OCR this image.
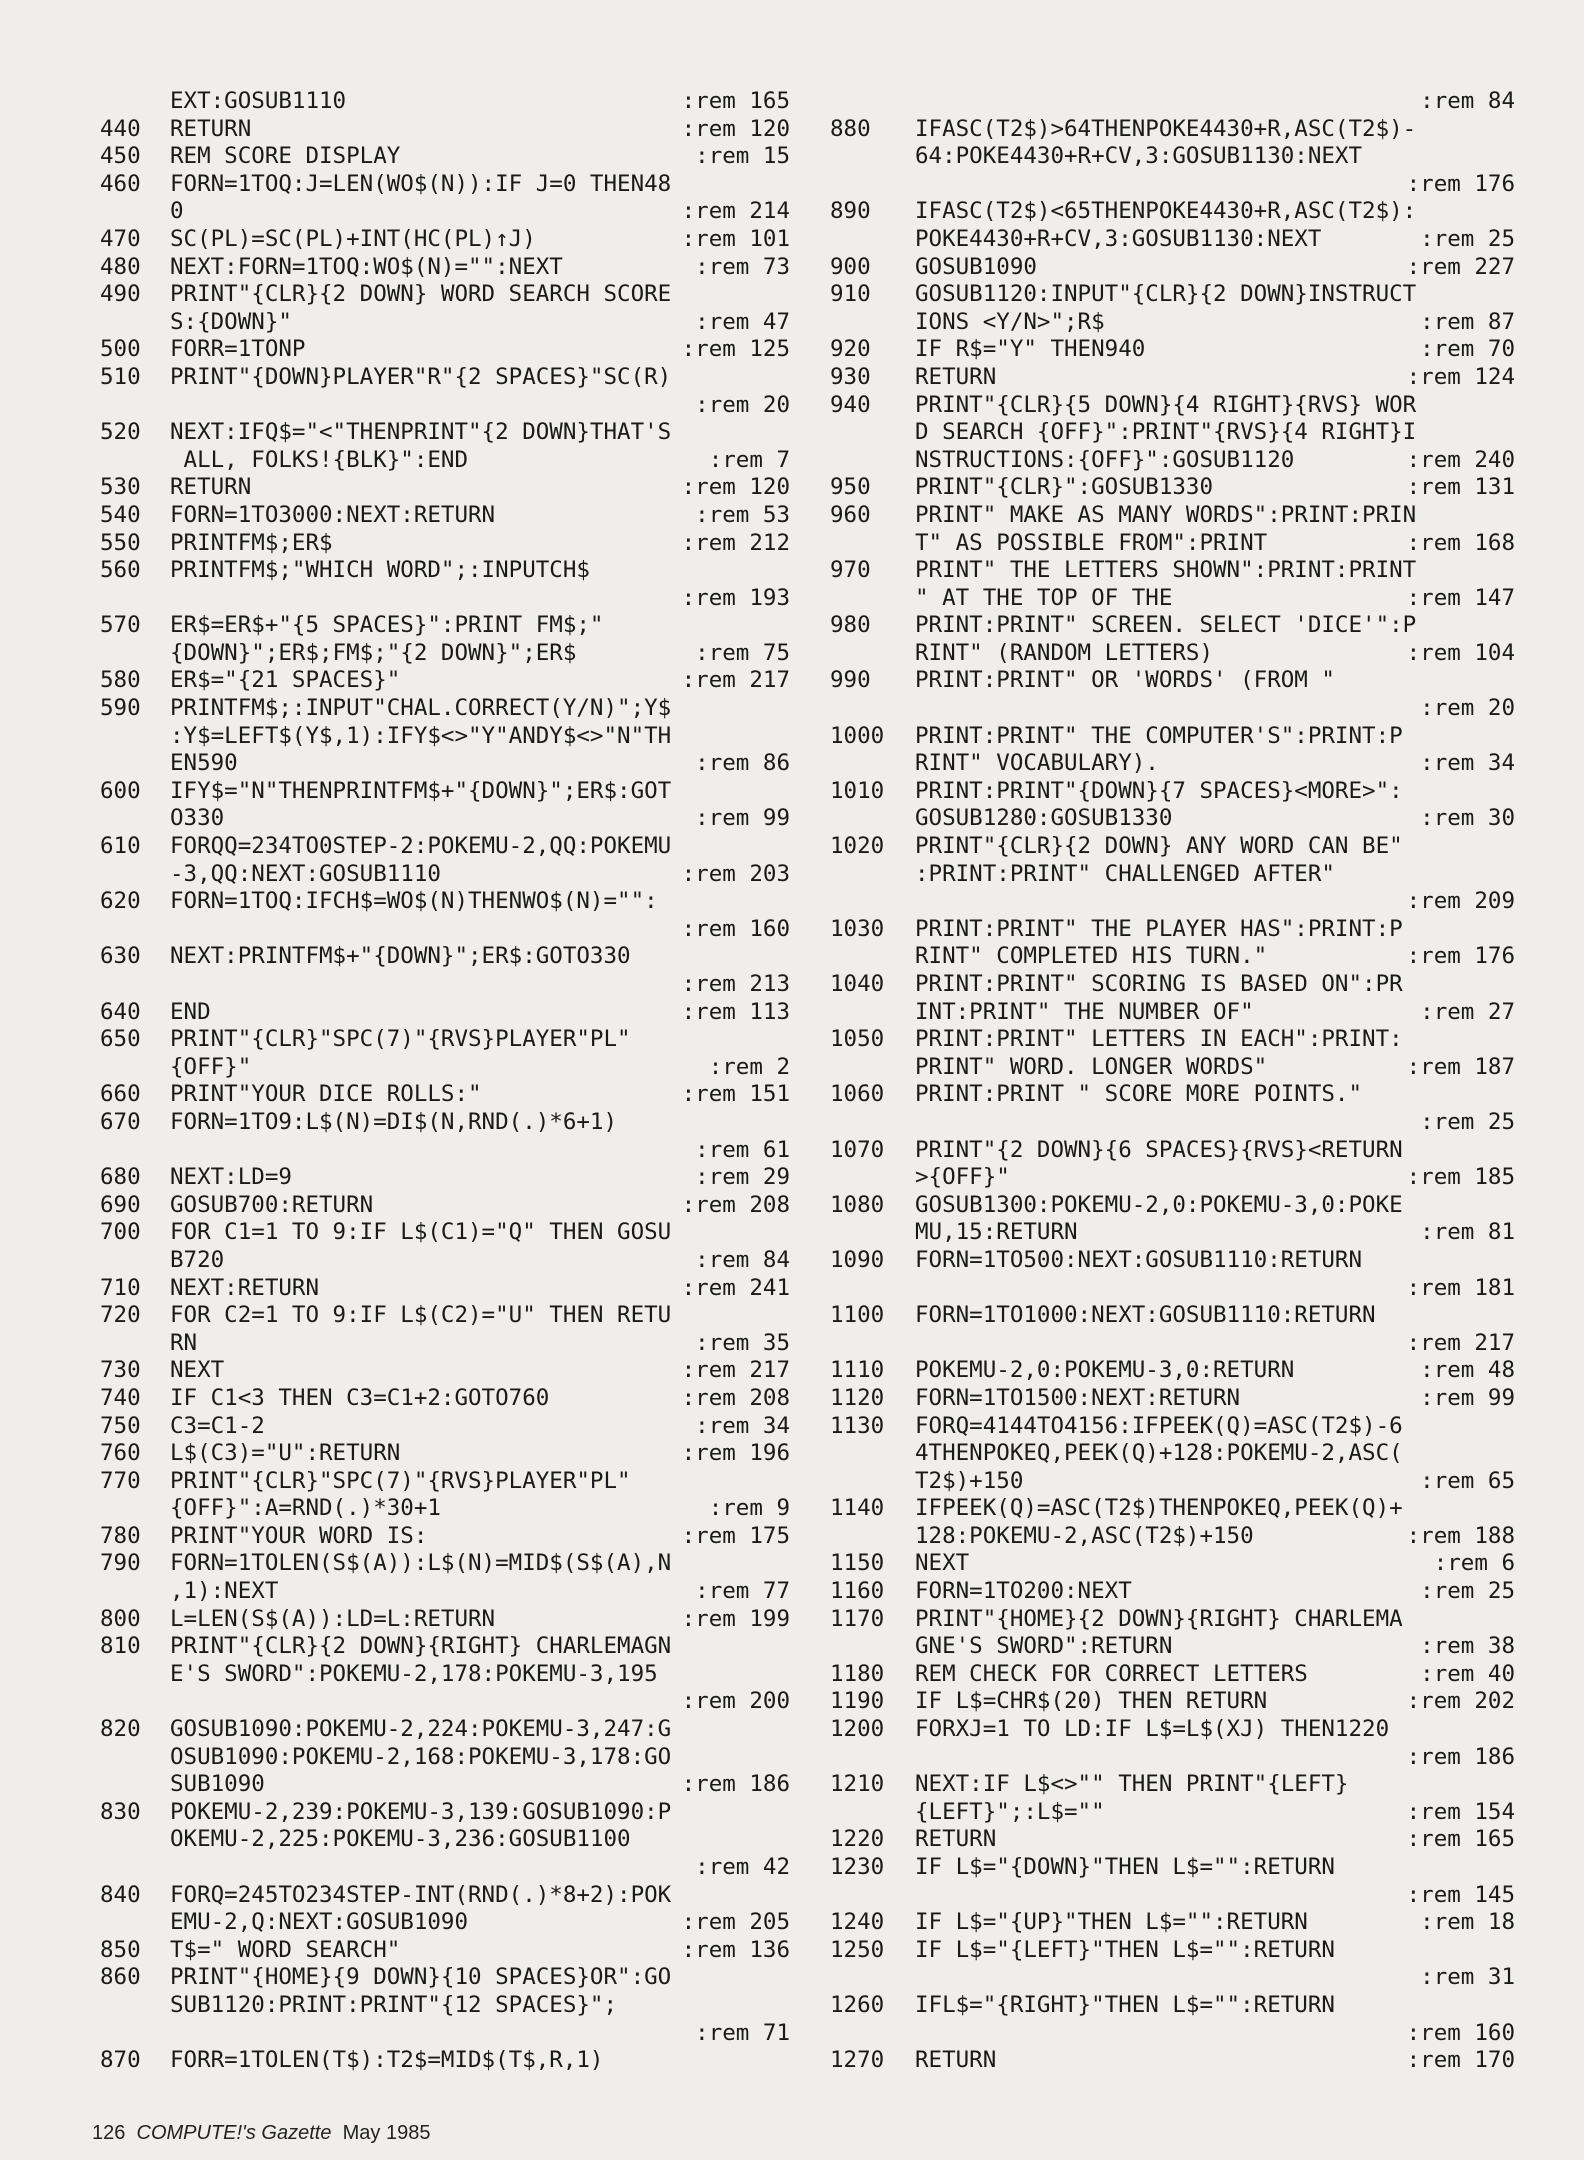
EXT:GOSUB1110	:rem 165
440 RETURN	:rem 120
450 REM SCORE DISPLAY	:rem 15
460 FORN=1TOQ:J=LEN(WO$(N)):IF J=0 THEN48
0	:rem 214
470 SC(PL)=SC(PL)+INT(HC(PL)↑J)	:rem 101
480 NEXT:FORN=1TOQ:WO$(N)="":NEXT	:rem 73
490 PRINT"{CLR}{2 DOWN} WORD SEARCH SCORE
S:{DOWN}"	:rem 47
500 FORR=1TONP	:rem 125
510 PRINT"{DOWN}PLAYER"R"{2 SPACES}"SC(R)
:rem 20
520 NEXT:IFQ$="<"THENPRINT"{2 DOWN}THAT'S
ALL, FOLKS!{BLK}":END	:rem 7
530 RETURN	:rem 120
540 FORN=1TO3000:NEXT:RETURN	:rem 53
550 PRINTFM$;ER$	:rem 212
560 PRINTFM$;"WHICH WORD";:INPUTCH$
:rem 193
570 ER$=ER$+"{5 SPACES}":PRINT FM$;"
{DOWN}";ER$;FM$;"{2 DOWN}";ER$	:rem 75
580 ER$="{21 SPACES}"	:rem 217
590 PRINTFM$;:INPUT"CHAL.CORRECT(Y/N)";Y$
:Y$=LEFT$(Y$,1):IFY$<>"Y"ANDY$<>"N"TH
EN590	:rem 86
600 IFY$="N"THENPRINTFM$+"{DOWN}";ER$:GOT
O330	:rem 99
610 FORQQ=234TO0STEP-2:POKEMU-2,QQ:POKEMU
-3,QQ:NEXT:GOSUB1110	:rem 203
620 FORN=1TOQ:IFCH$=WO$(N)THENWO$(N)="":
:rem 160
630 NEXT:PRINTFM$+"{DOWN}";ER$:GOTO330
:rem 213
640 END	:rem 113
650 PRINT"{CLR}"SPC(7)"{RVS}PLAYER"PL"
{OFF}"	:rem 2
660 PRINT"YOUR DICE ROLLS:"	:rem 151
670 FORN=1TO9:L$(N)=DI$(N,RND(.)*6+1)
:rem 61
680 NEXT:LD=9	:rem 29
690 GOSUB700:RETURN	:rem 208
700 FOR C1=1 TO 9:IF L$(C1)="Q" THEN GOSU
B720	:rem 84
710 NEXT:RETURN	:rem 241
720 FOR C2=1 TO 9:IF L$(C2)="U" THEN RETU
RN	:rem 35
730 NEXT	:rem 217
740 IF C1<3 THEN C3=C1+2:GOTO760	:rem 208
750 C3=C1-2	:rem 34
760 L$(C3)="U":RETURN	:rem 196
770 PRINT"{CLR}"SPC(7)"{RVS}PLAYER"PL"
{OFF}":A=RND(.)*30+1	:rem 9
780 PRINT"YOUR WORD IS:	:rem 175
790 FORN=1TOLEN(S$(A)):L$(N)=MID$(S$(A),N
,1):NEXT	:rem 77
800 L=LEN(S$(A)):LD=L:RETURN	:rem 199
810 PRINT"{CLR}{2 DOWN}{RIGHT} CHARLEMAGN
E'S SWORD":POKEMU-2,178:POKEMU-3,195
:rem 200
820 GOSUB1090:POKEMU-2,224:POKEMU-3,247:G
OSUB1090:POKEMU-2,168:POKEMU-3,178:GO
SUB1090	:rem 186
830 POKEMU-2,239:POKEMU-3,139:GOSUB1090:P
OKEMU-2,225:POKEMU-3,236:GOSUB1100
:rem 42
840 FORQ=245TO234STEP-INT(RND(.)*8+2):POK
EMU-2,Q:NEXT:GOSUB1090	:rem 205
850 T$=" WORD SEARCH"	:rem 136
860 PRINT"{HOME}{9 DOWN}{10 SPACES}OR":GO
SUB1120:PRINT:PRINT"{12 SPACES}";
:rem 71
870 FORR=1TOLEN(T$):T2$=MID$(T$,R,1)
:rem 84
880 IFASC(T2$)>64THENPOKE4430+R,ASC(T2$)-
64:POKE4430+R+CV,3:GOSUB1130:NEXT
:rem 176
890 IFASC(T2$)<65THENPOKE4430+R,ASC(T2$):
POKE4430+R+CV,3:GOSUB1130:NEXT	:rem 25
900 GOSUB1090	:rem 227
910 GOSUB1120:INPUT"{CLR}{2 DOWN}INSTRUCT
IONS <Y/N>";R$	:rem 87
920 IF R$="Y" THEN940	:rem 70
930 RETURN	:rem 124
940 PRINT"{CLR}{5 DOWN}{4 RIGHT}{RVS} WOR
D SEARCH {OFF}":PRINT"{RVS}{4 RIGHT}I
NSTRUCTIONS:{OFF}":GOSUB1120	:rem 240
950 PRINT"{CLR}":GOSUB1330	:rem 131
960 PRINT" MAKE AS MANY WORDS":PRINT:PRIN
T" AS POSSIBLE FROM":PRINT	:rem 168
970 PRINT" THE LETTERS SHOWN":PRINT:PRINT
" AT THE TOP OF THE	:rem 147
980 PRINT:PRINT" SCREEN. SELECT 'DICE'":P
RINT" (RANDOM LETTERS)	:rem 104
990 PRINT:PRINT" OR 'WORDS' (FROM "
:rem 20
1000 PRINT:PRINT" THE COMPUTER'S":PRINT:P
RINT" VOCABULARY).	:rem 34
1010 PRINT:PRINT"{DOWN}{7 SPACES}<MORE>":
GOSUB1280:GOSUB1330	:rem 30
1020 PRINT"{CLR}{2 DOWN} ANY WORD CAN BE"
:PRINT:PRINT" CHALLENGED AFTER"
:rem 209
1030 PRINT:PRINT" THE PLAYER HAS":PRINT:P
RINT" COMPLETED HIS TURN."	:rem 176
1040 PRINT:PRINT" SCORING IS BASED ON":PR
INT:PRINT" THE NUMBER OF"	:rem 27
1050 PRINT:PRINT" LETTERS IN EACH":PRINT:
PRINT" WORD. LONGER WORDS"	:rem 187
1060 PRINT:PRINT " SCORE MORE POINTS."
:rem 25
1070 PRINT"{2 DOWN}{6 SPACES}{RVS}<RETURN
>{OFF}"	:rem 185
1080 GOSUB1300:POKEMU-2,0:POKEMU-3,0:POKE
MU,15:RETURN	:rem 81
1090 FORN=1TO500:NEXT:GOSUB1110:RETURN
:rem 181
1100 FORN=1TO1000:NEXT:GOSUB1110:RETURN
:rem 217
1110 POKEMU-2,0:POKEMU-3,0:RETURN	:rem 48
1120 FORN=1TO1500:NEXT:RETURN	:rem 99
1130 FORQ=4144TO4156:IFPEEK(Q)=ASC(T2$)-6
4THENPOKEQ,PEEK(Q)+128:POKEMU-2,ASC(
T2$)+150	:rem 65
1140 IFPEEK(Q)=ASC(T2$)THENPOKEQ,PEEK(Q)+
128:POKEMU-2,ASC(T2$)+150	:rem 188
1150 NEXT	:rem 6
1160 FORN=1TO200:NEXT	:rem 25
1170 PRINT"{HOME}{2 DOWN}{RIGHT} CHARLEMA
GNE'S SWORD":RETURN	:rem 38
1180 REM CHECK FOR CORRECT LETTERS	:rem 40
1190 IF L$=CHR$(20) THEN RETURN	:rem 202
1200 FORXJ=1 TO LD:IF L$=L$(XJ) THEN1220
:rem 186
1210 NEXT:IF L$<>"" THEN PRINT"{LEFT}
{LEFT}";:L$=""	:rem 154
1220 RETURN	:rem 165
1230 IF L$="{DOWN}"THEN L$="":RETURN
:rem 145
1240 IF L$="{UP}"THEN L$="":RETURN	:rem 18
1250 IF L$="{LEFT}"THEN L$="":RETURN
:rem 31
1260 IFL$="{RIGHT}"THEN L$="":RETURN
:rem 160
1270 RETURN	:rem 170
126 COMPUTE!'s Gazette May 1985
